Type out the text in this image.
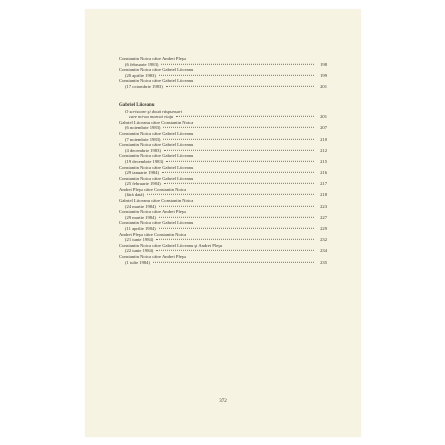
Constantin Noica către Andrei Pleşu
(6 februarie 1983)	198
Constantin Noica către Gabriel Liiceanu
(20 aprilie 1983)	199
Constantin Noica către Gabriel Liiceanu
(17 octombrie 1983)	201
Gabriel Liiceanu
O scrisoare şi două răspunsuri
care mi-au marcat viaţa	201
Gabriel Liiceanu către Constantin Noica
(6 noiembrie 1983)	207
Constantin Noica către Gabriel Liiceanu
(7 noiembrie 1983)	210
Constantin Noica către Gabriel Liiceanu
(4 decembrie 1983)	212
Constantin Noica către Gabriel Liiceanu
(19 decembrie 1983)	215
Constantin Noica către Gabriel Liiceanu
(29 ianuarie 1984)	216
Constantin Noica către Gabriel Liiceanu
(25 februarie 1984)	217
Andrei Pleşu către Constantin Noica
(fără dată)	218
Gabriel Liiceanu către Constantin Noica
(24 martie 1984)	223
Constantin Noica către Andrei Pleşu
(29 martie 1984)	227
Constantin Noica către Gabriel Liiceanu
(11 aprilie 1984)	229
Andrei Pleşu către Constantin Noica
(21 iunie 1984)	232
Constantin Noica către Gabriel Liiceanu şi Andrei Pleşu
(22 iunie 1984)	234
Constantin Noica către Andrei Pleşu
(1 iulie 1984)	235
372
